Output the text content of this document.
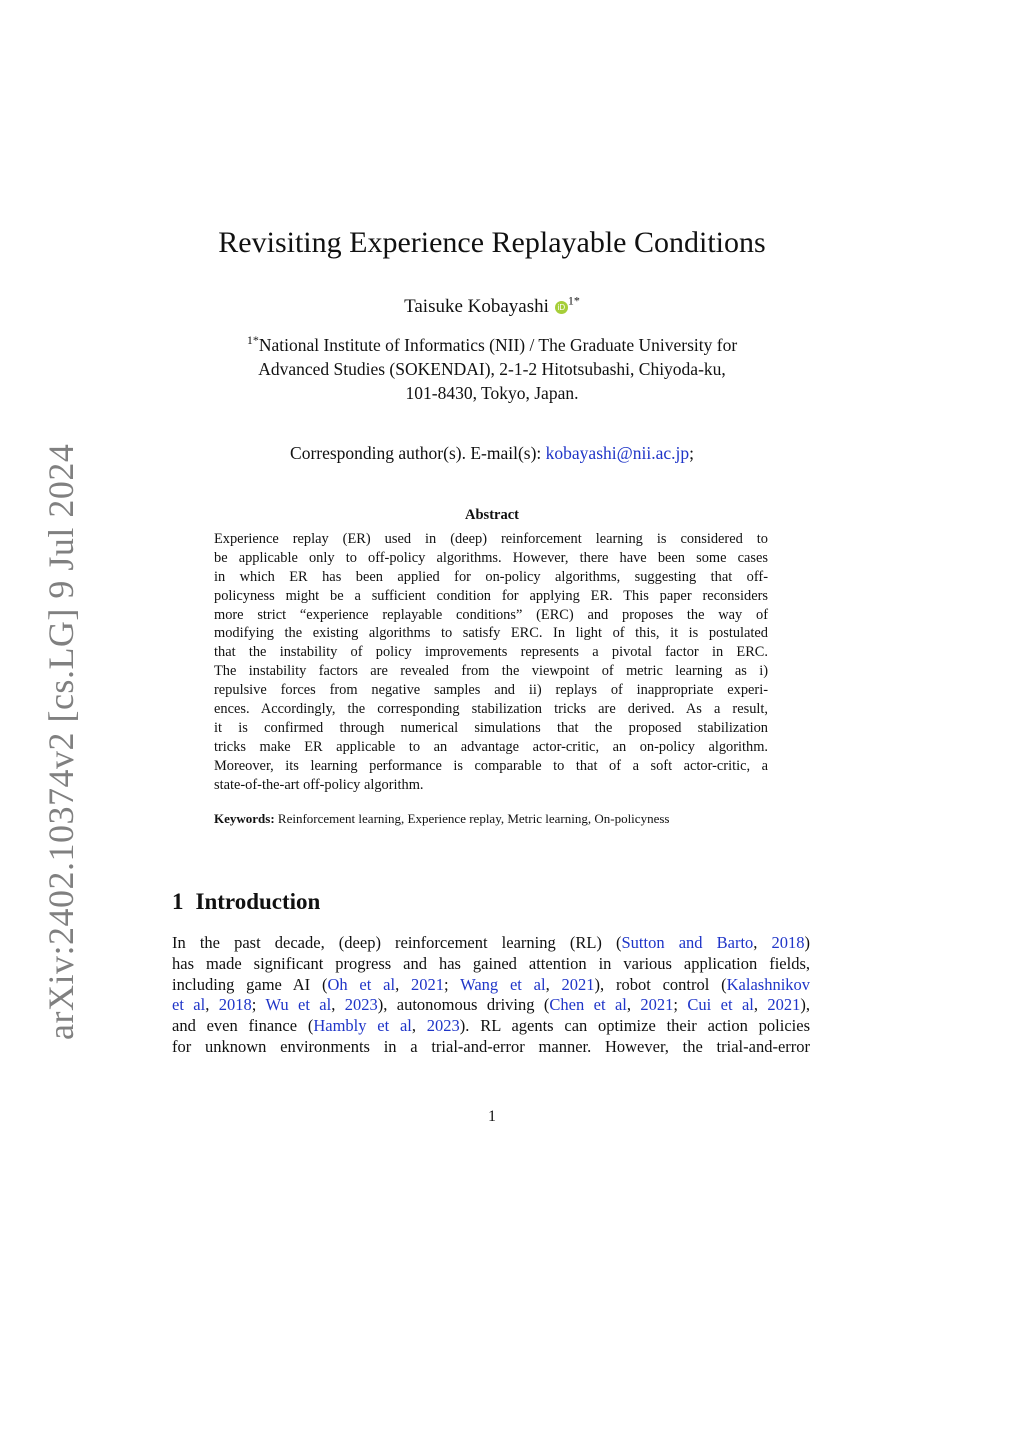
arXiv:2402.10374v2 [cs.LG] 9 Jul 2024
Revisiting Experience Replayable Conditions
Taisuke Kobayashi iD $^{1*}$
$^{1*}$National Institute of Informatics (NII) / The Graduate University for
Advanced Studies (SOKENDAI), 2-1-2 Hitotsubashi, Chiyoda-ku,
101-8430, Tokyo, Japan.
Corresponding author(s). E-mail(s): kobayashi@nii.ac.jp;
Abstract
Experience replay (ER) used in (deep) reinforcement learning is considered to
be applicable only to off-policy algorithms. However, there have been some cases
in which ER has been applied for on-policy algorithms, suggesting that off-
policyness might be a sufficient condition for applying ER. This paper reconsiders
more strict “experience replayable conditions” (ERC) and proposes the way of
modifying the existing algorithms to satisfy ERC. In light of this, it is postulated
that the instability of policy improvements represents a pivotal factor in ERC.
The instability factors are revealed from the viewpoint of metric learning as i)
repulsive forces from negative samples and ii) replays of inappropriate experi-
ences. Accordingly, the corresponding stabilization tricks are derived. As a result,
it is confirmed through numerical simulations that the proposed stabilization
tricks make ER applicable to an advantage actor-critic, an on-policy algorithm.
Moreover, its learning performance is comparable to that of a soft actor-critic, a
state-of-the-art off-policy algorithm.
Keywords: Reinforcement learning, Experience replay, Metric learning, On-policyness
1 Introduction
In the past decade, (deep) reinforcement learning (RL) (Sutton and Barto, 2018)
has made significant progress and has gained attention in various application fields,
including game AI (Oh et al, 2021; Wang et al, 2021), robot control (Kalashnikov
et al, 2018; Wu et al, 2023), autonomous driving (Chen et al, 2021; Cui et al, 2021),
and even finance (Hambly et al, 2023). RL agents can optimize their action policies
for unknown environments in a trial-and-error manner. However, the trial-and-error
1
